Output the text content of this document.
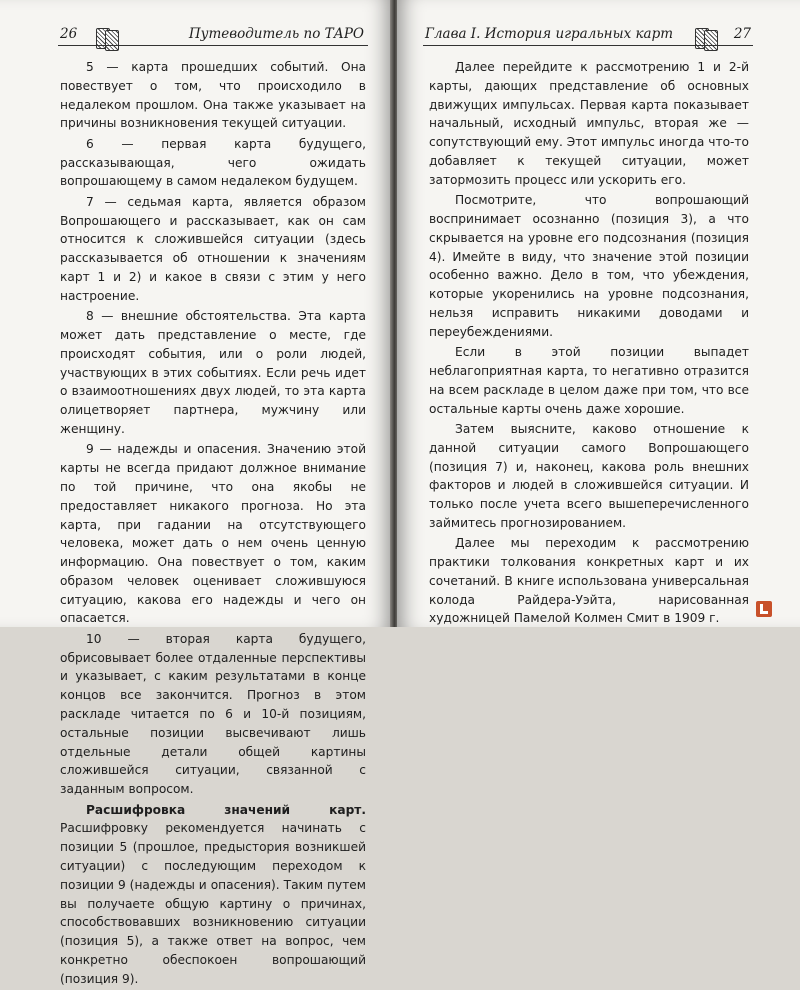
26	Путеводитель по ТАРО

5 — карта прошедших событий. Она повествует о том, что происходило в недалеком прошлом. Она также указывает на причины возникновения текущей ситуации.

6 — первая карта будущего, рассказывающая, чего ожидать вопрошающему в самом недалеком будущем.

7 — седьмая карта, является образом Вопрошающего и рассказывает, как он сам относится к сложившейся ситуации (здесь рассказывается об отношении к значениям карт 1 и 2) и какое в связи с этим у него настроение.

8 — внешние обстоятельства. Эта карта может дать представление о месте, где происходят события, или о роли людей, участвующих в этих событиях. Если речь идет о взаимоотношениях двух людей, то эта карта олицетворяет партнера, мужчину или женщину.

9 — надежды и опасения. Значению этой карты не всегда придают должное внимание по той причине, что она якобы не предоставляет никакого прогноза. Но эта карта, при гадании на отсутствующего человека, может дать о нем очень ценную информацию. Она повествует о том, каким образом человек оценивает сложившуюся ситуацию, какова его надежды и чего он опасается.

10 — вторая карта будущего, обрисовывает более отдаленные перспективы и указывает, с каким результатами в конце концов все закончится. Прогноз в этом раскладе читается по 6 и 10-й позициям, остальные позиции высвечивают лишь отдельные детали общей картины сложившейся ситуации, связанной с заданным вопросом.

Расшифровка значений карт. Расшифровку рекомендуется начинать с позиции 5 (прошлое, предыстория возникшей ситуации) с последующим переходом к позиции 9 (надежды и опасения). Таким путем вы получаете общую картину о причинах, способствовавших возникновению ситуации (позиция 5), а также ответ на вопрос, чем конкретно обеспокоен вопрошающий (позиция 9).

Глава I. История игральных карт	27

Далее перейдите к рассмотрению 1 и 2-й карты, дающих представление об основных движущих импульсах. Первая карта показывает начальный, исходный импульс, вторая же — сопутствующий ему. Этот импульс иногда что-то добавляет к текущей ситуации, может затормозить процесс или ускорить его.

Посмотрите, что вопрошающий воспринимает осознанно (позиция 3), а что скрывается на уровне его подсознания (позиция 4). Имейте в виду, что значение этой позиции особенно важно. Дело в том, что убеждения, которые укоренились на уровне подсознания, нельзя исправить никакими доводами и переубеждениями.

Если в этой позиции выпадет неблагоприятная карта, то негативно отразится на всем раскладе в целом даже при том, что все остальные карты очень даже хорошие.

Затем выясните, каково отношение к данной ситуации самого Вопрошающего (позиция 7) и, наконец, какова роль внешних факторов и людей в сложившейся ситуации. И только после учета всего вышеперечисленного займитесь прогнозированием.

Далее мы переходим к рассмотрению практики толкования конкретных карт и их сочетаний. В книге использована универсальная колода Райдера-Уэйта, нарисованная художницей Памелой Колмен Смит в 1909 г.
